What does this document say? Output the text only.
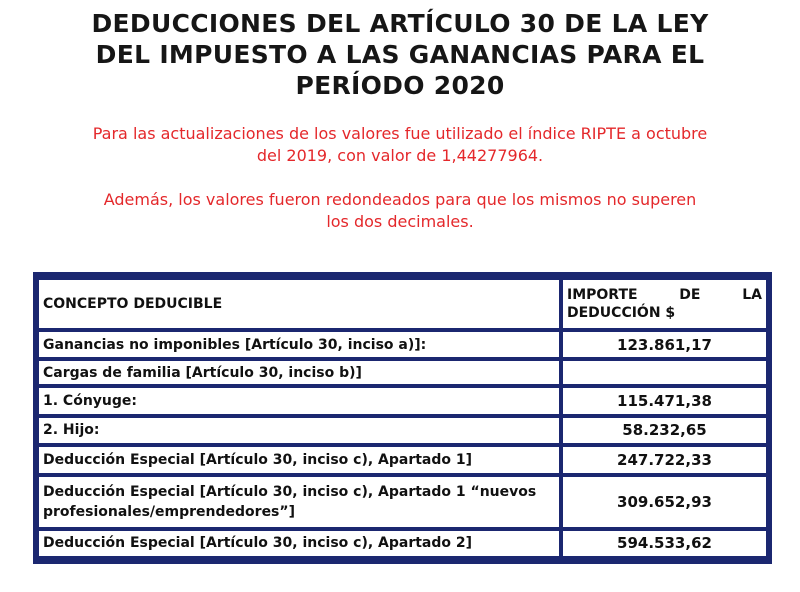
DEDUCCIONES DEL ARTÍCULO 30 DE LA LEY
DEL IMPUESTO A LAS GANANCIAS PARA EL
PERÍODO 2020

Para las actualizaciones de los valores fue utilizado el índice RIPTE a octubre
del 2019, con valor de 1,44277964.

Además, los valores fueron redondeados para que los mismos no superen
los dos decimales.

CONCEPTO DEDUCIBLE	IMPORTE DE LA
DEDUCCIÓN $

Ganancias no imponibles [Artículo 30, inciso a)]:	123.861,17
Cargas de familia [Artículo 30, inciso b)]	
1. Cónyuge:	115.471,38
2. Hijo:	58.232,65
Deducción Especial [Artículo 30, inciso c), Apartado 1]	247.722,33
Deducción Especial [Artículo 30, inciso c), Apartado 1 “nuevos profesionales/emprendedores”]	309.652,93
Deducción Especial [Artículo 30, inciso c), Apartado 2]	594.533,62
